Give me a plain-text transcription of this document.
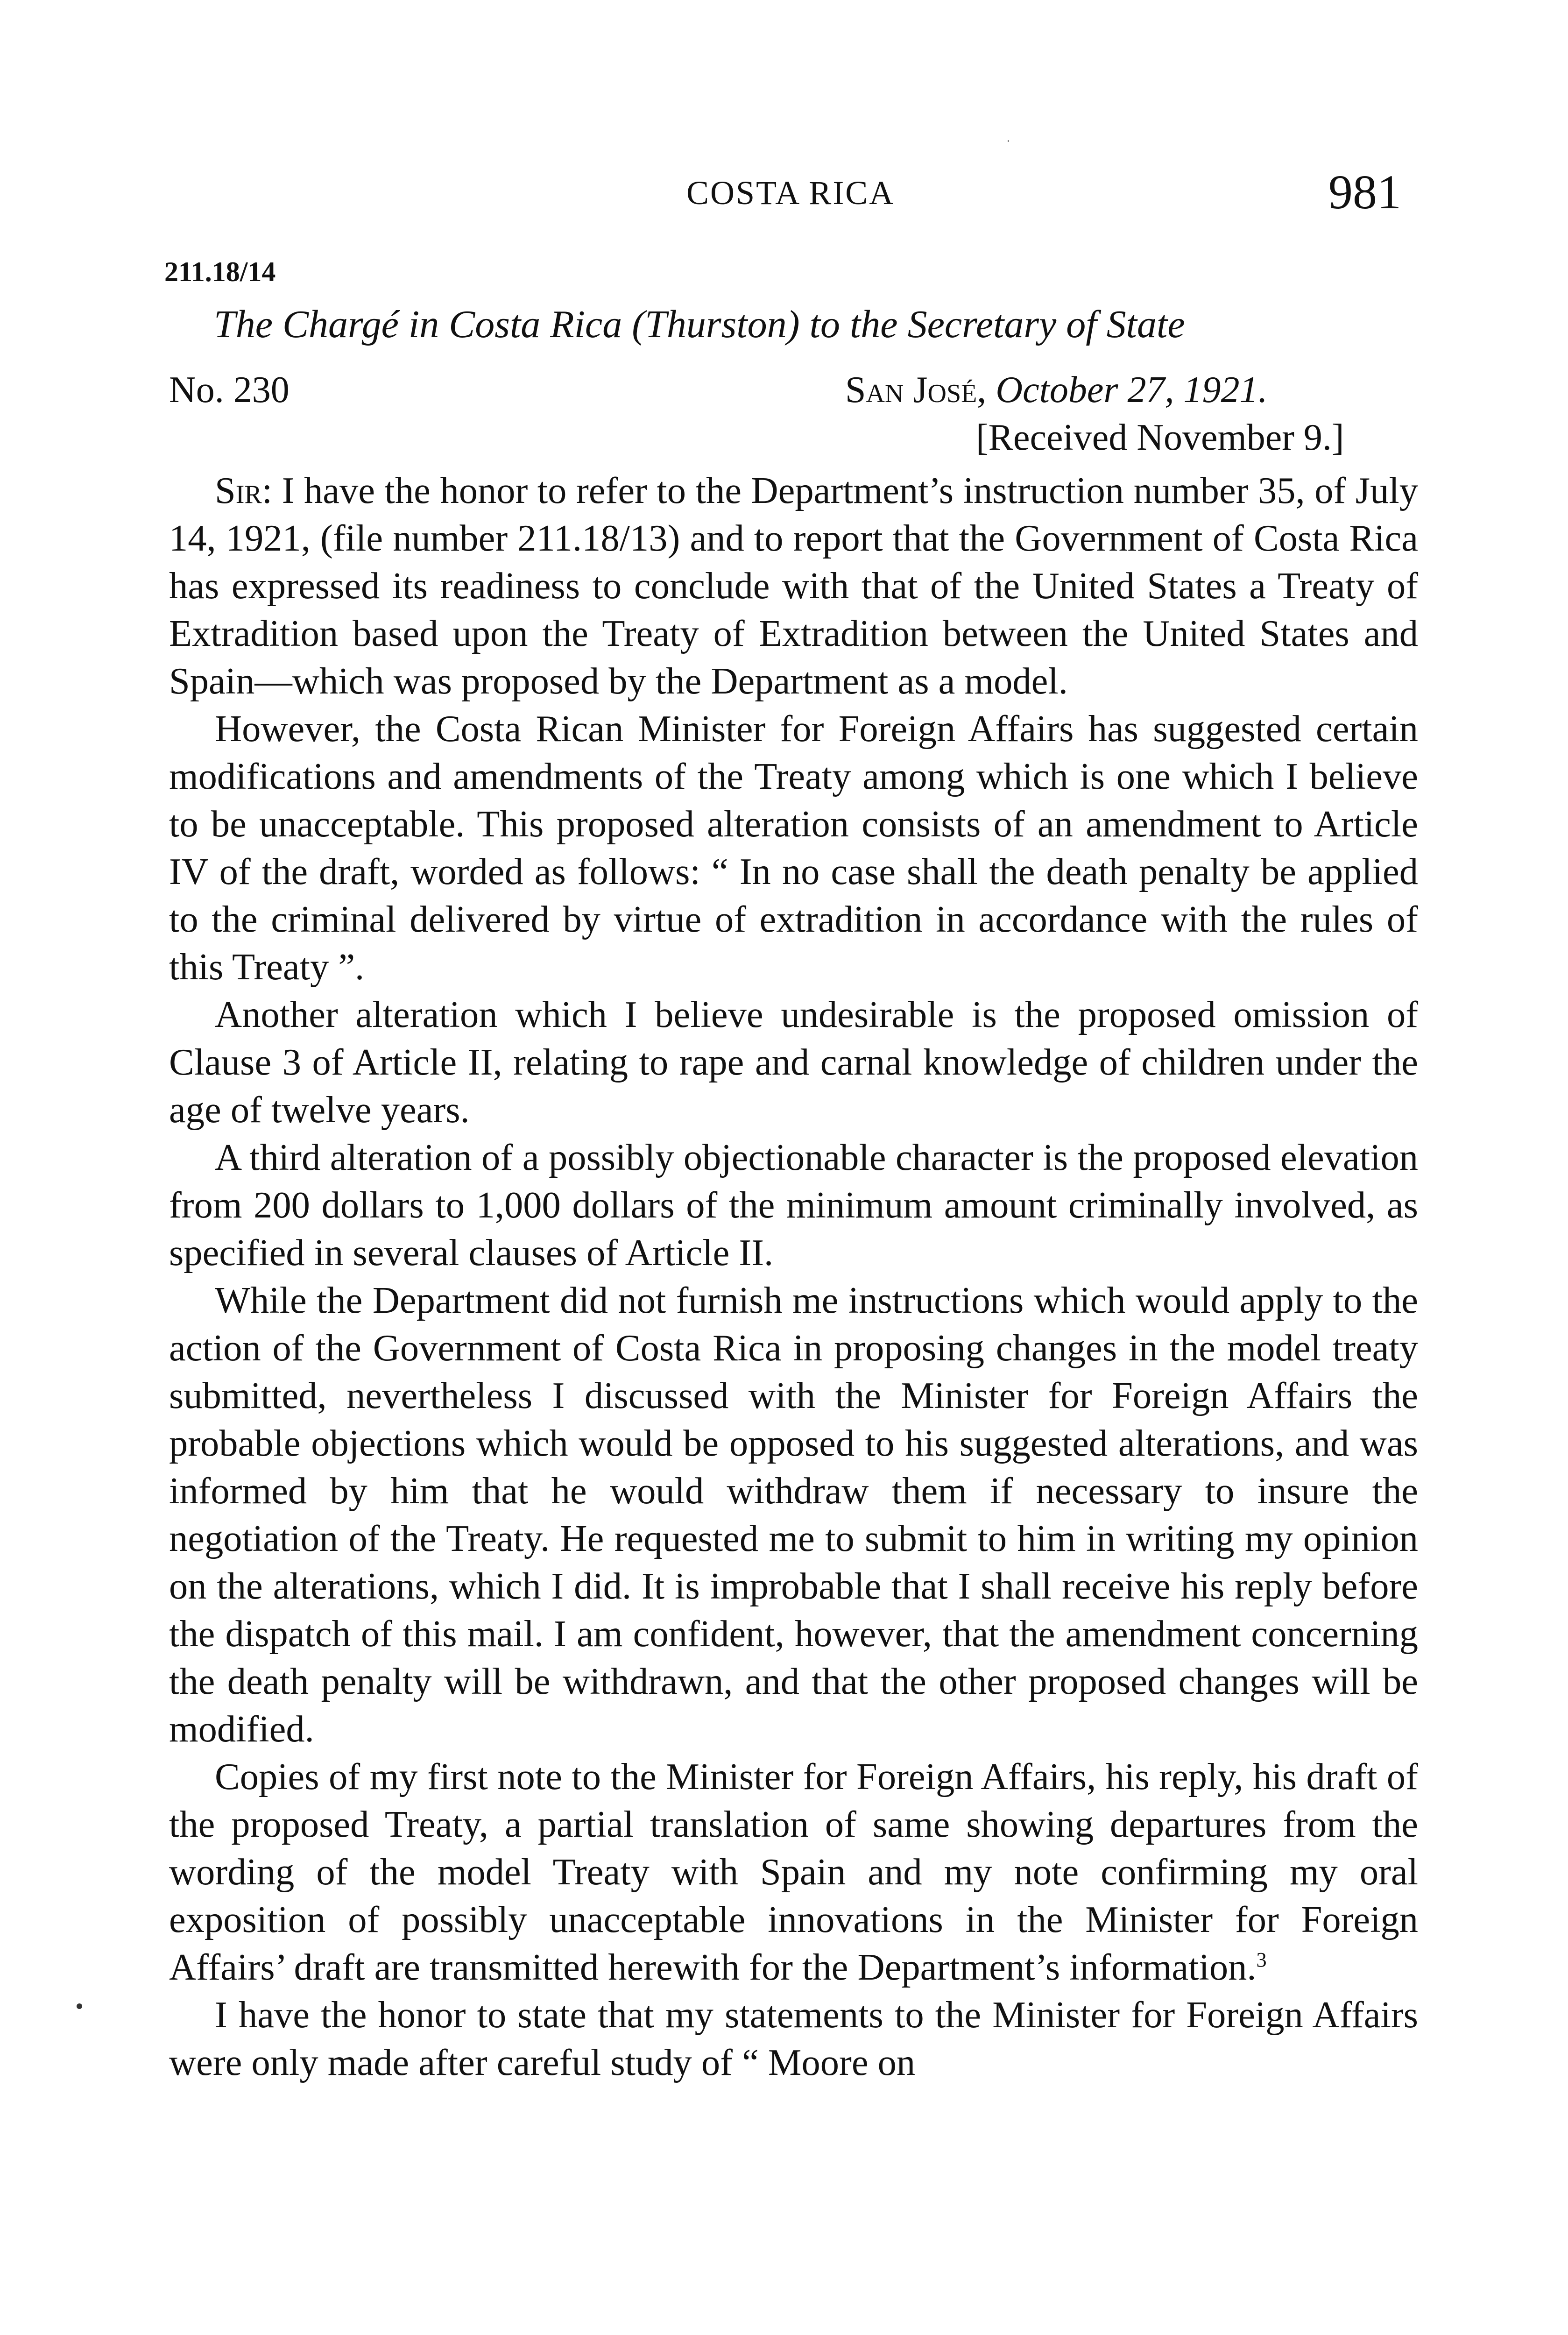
COSTA RICA	981
211.18/14
The Chargé in Costa Rica (Thurston) to the Secretary of State
No. 230	San José, October 27, 1921.
[Received November 9.]

Sir: I have the honor to refer to the Department’s instruction number 35, of July 14, 1921, (file number 211.18/13) and to report that the Government of Costa Rica has expressed its readiness to conclude with that of the United States a Treaty of Extradition based upon the Treaty of Extradition between the United States and Spain—which was proposed by the Department as a model.

However, the Costa Rican Minister for Foreign Affairs has suggested certain modifications and amendments of the Treaty among which is one which I believe to be unacceptable. This proposed alteration consists of an amendment to Article IV of the draft, worded as follows: “ In no case shall the death penalty be applied to the criminal delivered by virtue of extradition in accordance with the rules of this Treaty ”.

Another alteration which I believe undesirable is the proposed omission of Clause 3 of Article II, relating to rape and carnal knowledge of children under the age of twelve years.

A third alteration of a possibly objectionable character is the proposed elevation from 200 dollars to 1,000 dollars of the minimum amount criminally involved, as specified in several clauses of Article II.

While the Department did not furnish me instructions which would apply to the action of the Government of Costa Rica in proposing changes in the model treaty submitted, nevertheless I discussed with the Minister for Foreign Affairs the probable objections which would be opposed to his suggested alterations, and was informed by him that he would withdraw them if necessary to insure the negotiation of the Treaty. He requested me to submit to him in writing my opinion on the alterations, which I did. It is improbable that I shall receive his reply before the dispatch of this mail. I am confident, however, that the amendment concerning the death penalty will be withdrawn, and that the other proposed changes will be modified.

Copies of my first note to the Minister for Foreign Affairs, his reply, his draft of the proposed Treaty, a partial translation of same showing departures from the wording of the model Treaty with Spain and my note confirming my oral exposition of possibly unacceptable innovations in the Minister for Foreign Affairs’ draft are transmitted herewith for the Department’s information.$^3$

I have the honor to state that my statements to the Minister for Foreign Affairs were only made after careful study of “ Moore on
